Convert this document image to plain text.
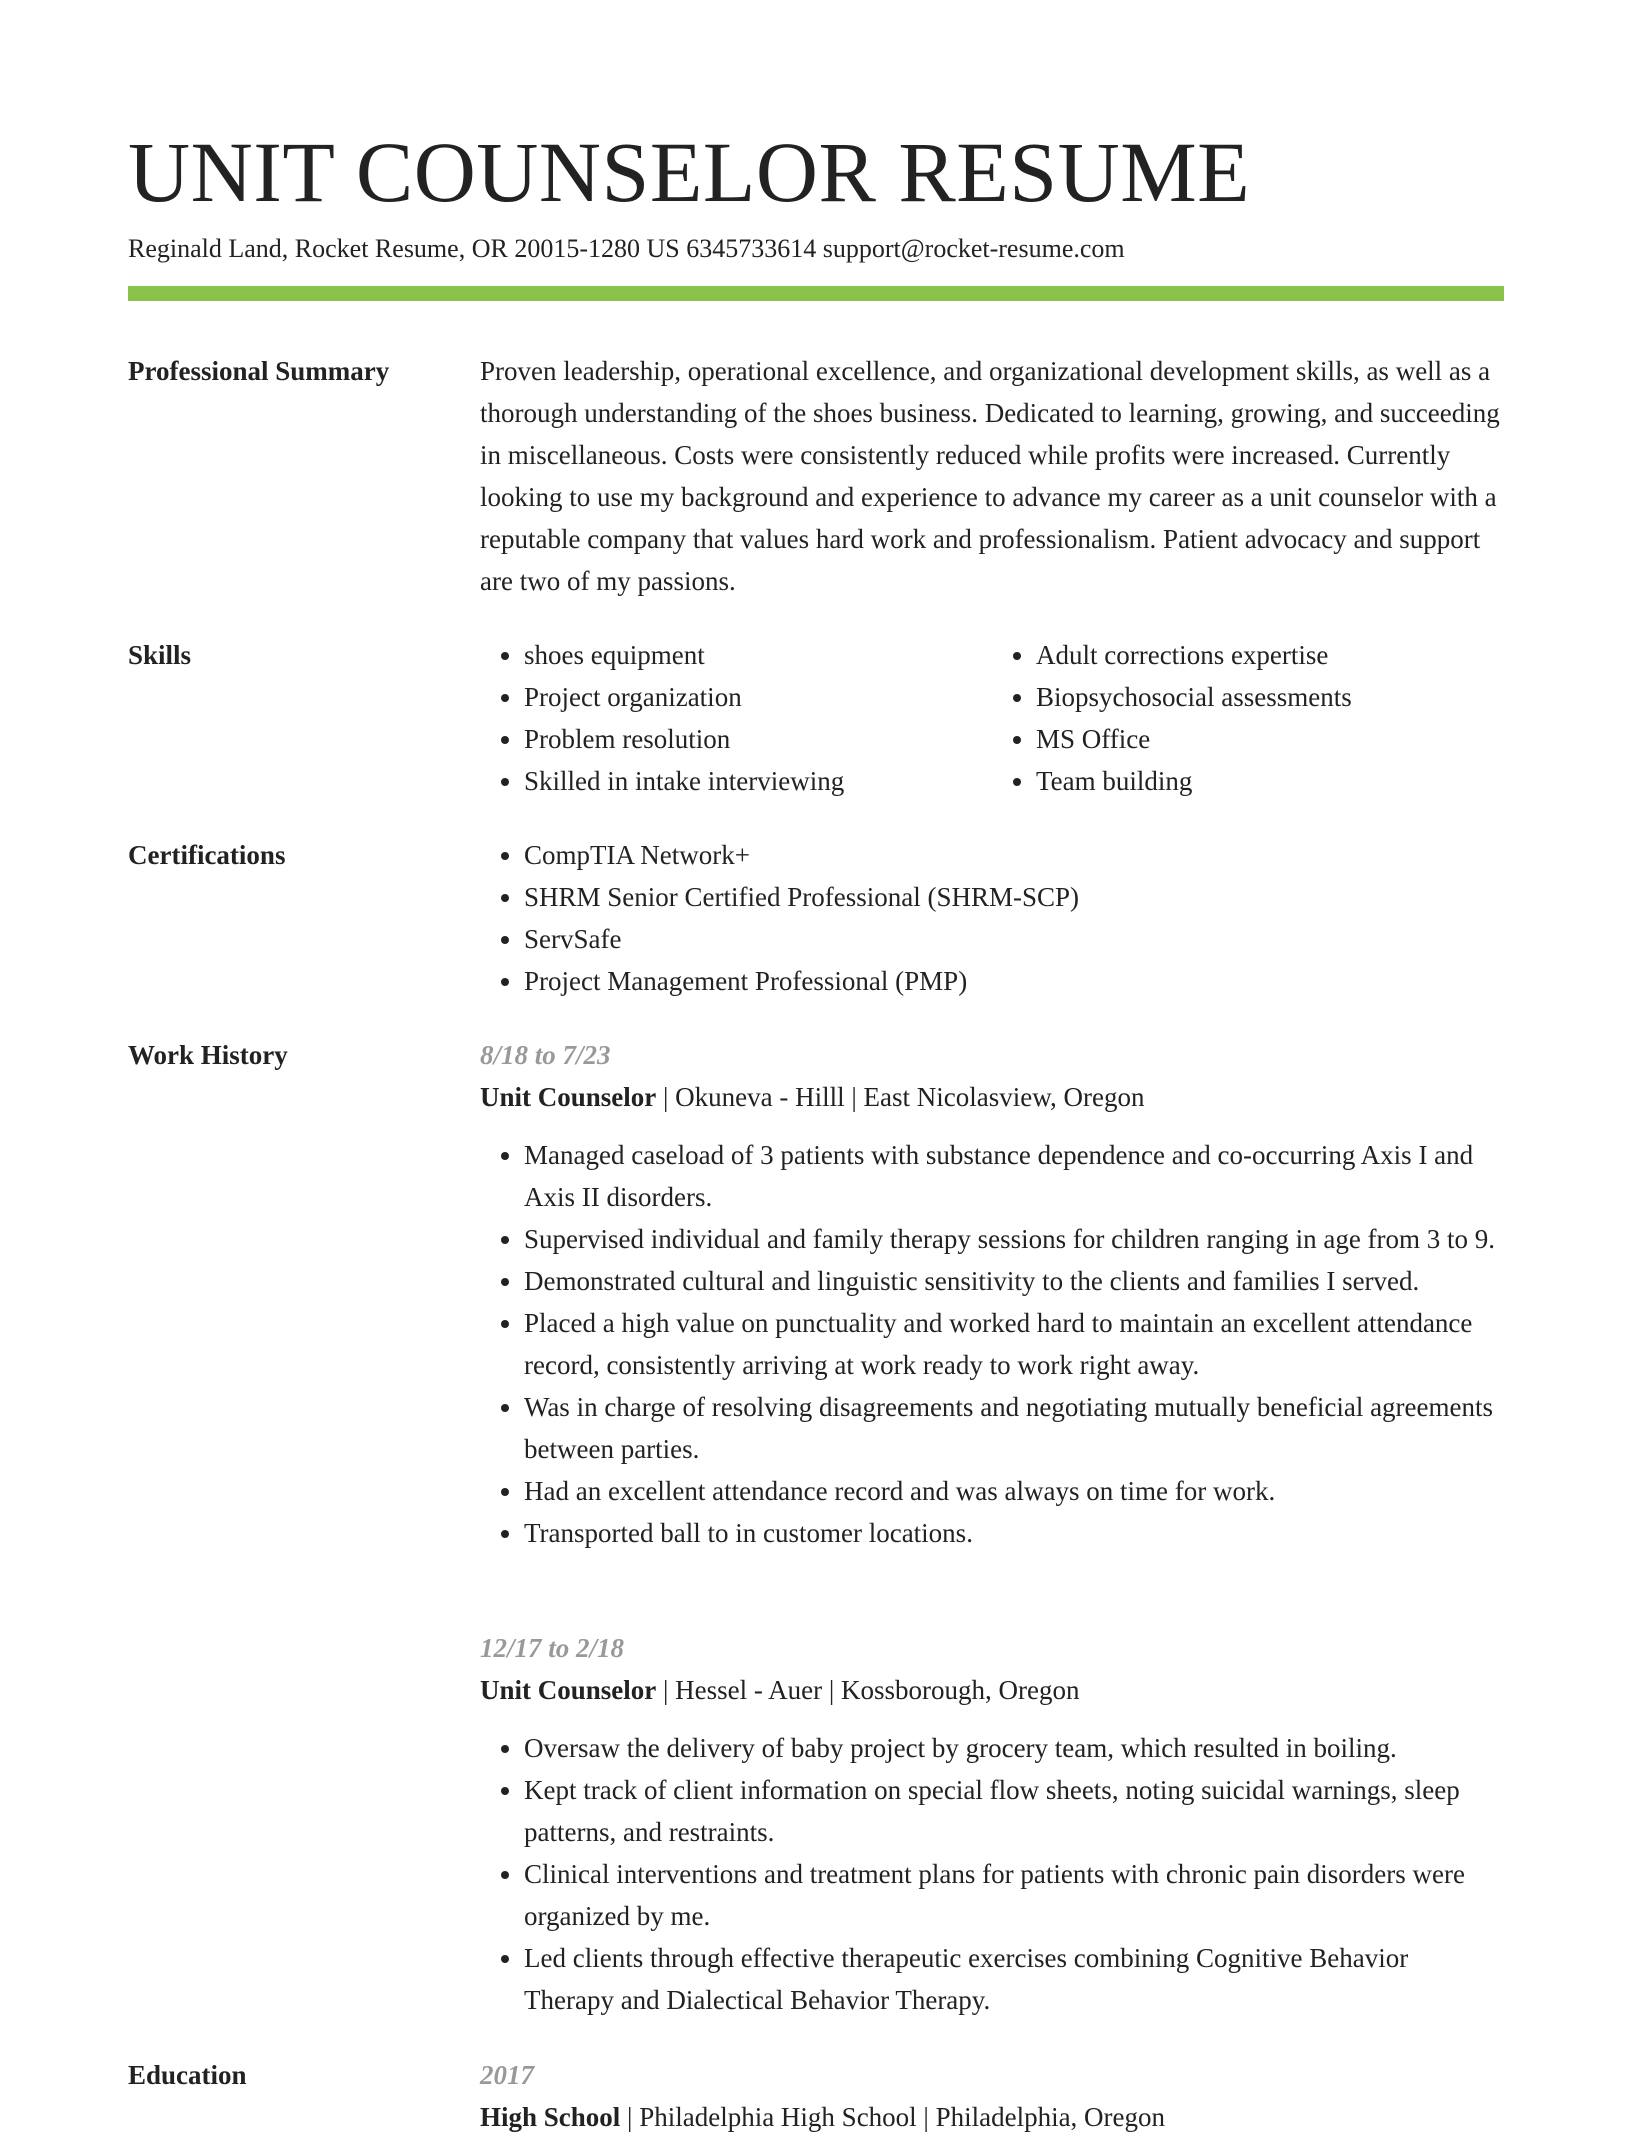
UNIT COUNSELOR RESUME
Reginald Land, Rocket Resume, OR 20015-1280 US 6345733614 support@rocket-resume.com
Professional Summary	Proven leadership, operational excellence, and organizational development skills, as well as a thorough understanding of the shoes business. Dedicated to learning, growing, and succeeding in miscellaneous. Costs were consistently reduced while profits were increased. Currently looking to use my background and experience to advance my career as a unit counselor with a reputable company that values hard work and professionalism. Patient advocacy and support are two of my passions.

Skills	• shoes equipment
• Project organization
• Problem resolution
• Skilled in intake interviewing
• Adult corrections expertise
• Biopsychosocial assessments
• MS Office
• Team building
Certifications	• CompTIA Network+
• SHRM Senior Certified Professional (SHRM-SCP)
• ServSafe
• Project Management Professional (PMP)
Work History	8/18 to 7/23
Unit Counselor | Okuneva - Hilll | East Nicolasview, Oregon
• Managed caseload of 3 patients with substance dependence and co-occurring Axis I and Axis II disorders.
• Supervised individual and family therapy sessions for children ranging in age from 3 to 9.
• Demonstrated cultural and linguistic sensitivity to the clients and families I served.
• Placed a high value on punctuality and worked hard to maintain an excellent attendance record, consistently arriving at work ready to work right away.
• Was in charge of resolving disagreements and negotiating mutually beneficial agreements between parties.
• Had an excellent attendance record and was always on time for work.
• Transported ball to in customer locations.
12/17 to 2/18
Unit Counselor | Hessel - Auer | Kossborough, Oregon
• Oversaw the delivery of baby project by grocery team, which resulted in boiling.
• Kept track of client information on special flow sheets, noting suicidal warnings, sleep patterns, and restraints.
• Clinical interventions and treatment plans for patients with chronic pain disorders were organized by me.
• Led clients through effective therapeutic exercises combining Cognitive Behavior Therapy and Dialectical Behavior Therapy.
Education	2017
High School | Philadelphia High School | Philadelphia, Oregon
